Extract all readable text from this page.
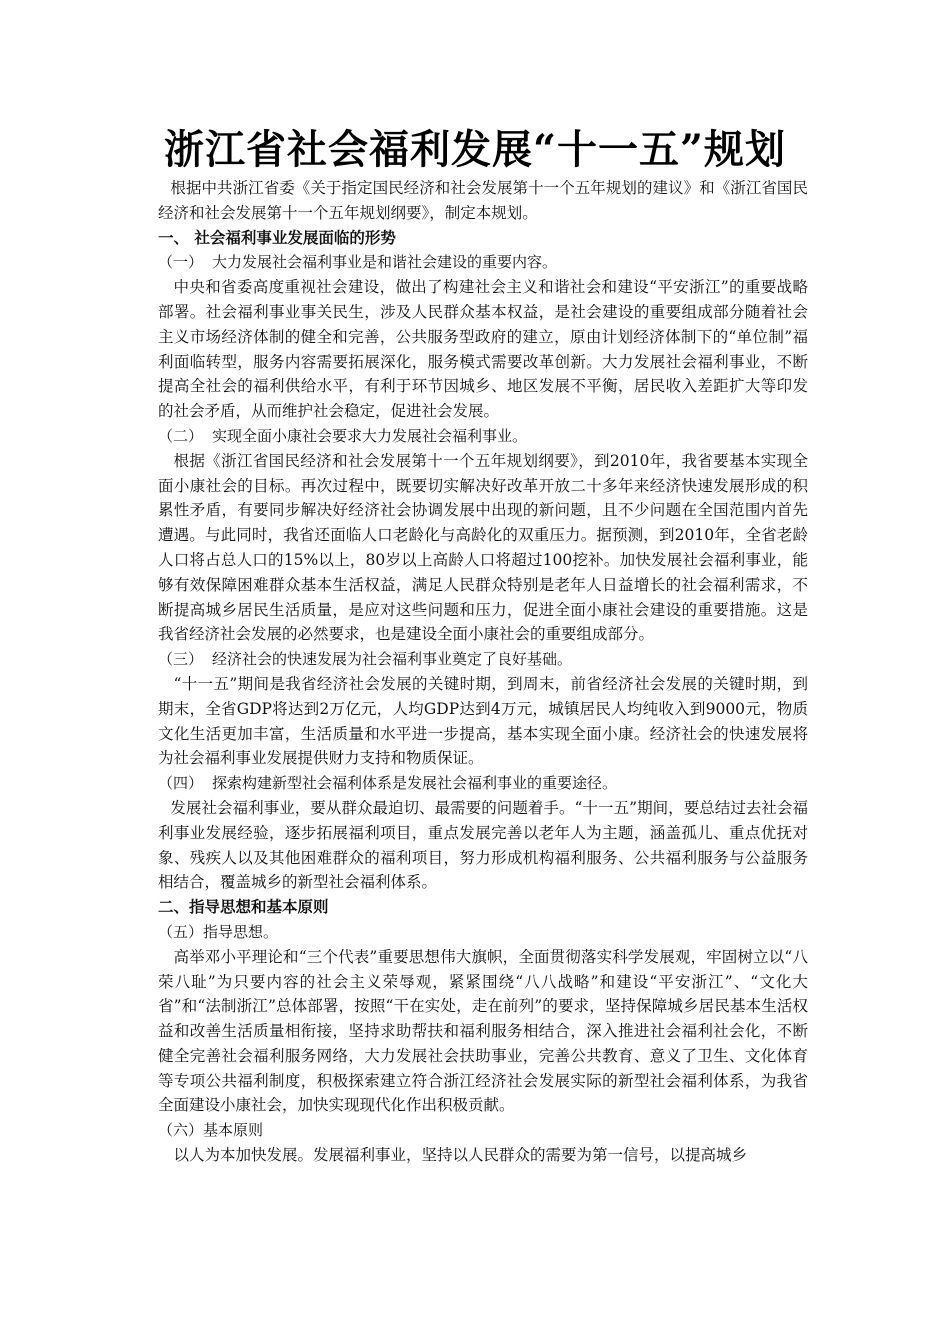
浙江省社会福利发展“十一五”规划

根据中共浙江省委《关于指定国民经济和社会发展第十一个五年规划的建议》和《浙江省国民经济和社会发展第十一个五年规划纲要》，制定本规划。

一、 社会福利事业发展面临的形势

（一） 大力发展社会福利事业是和谐社会建设的重要内容。

中央和省委高度重视社会建设，做出了构建社会主义和谐社会和建设“平安浙江”的重要战略部署。社会福利事业事关民生，涉及人民群众基本权益，是社会建设的重要组成部分随着社会主义市场经济体制的健全和完善，公共服务型政府的建立，原由计划经济体制下的“单位制”福利面临转型，服务内容需要拓展深化，服务模式需要改革创新。大力发展社会福利事业，不断提高全社会的福利供给水平，有利于环节因城乡、地区发展不平衡，居民收入差距扩大等印发的社会矛盾，从而维护社会稳定，促进社会发展。

（二） 实现全面小康社会要求大力发展社会福利事业。

根据《浙江省国民经济和社会发展第十一个五年规划纲要》，到2010年，我省要基本实现全面小康社会的目标。再次过程中，既要切实解决好改革开放二十多年来经济快速发展形成的积累性矛盾，有要同步解决好经济社会协调发展中出现的新问题，且不少问题在全国范围内首先遭遇。与此同时，我省还面临人口老龄化与高龄化的双重压力。据预测，到2010年，全省老龄人口将占总人口的15%以上，80岁以上高龄人口将超过100挖补。加快发展社会福利事业，能够有效保障困难群众基本生活权益，满足人民群众特别是老年人日益增长的社会福利需求，不断提高城乡居民生活质量，是应对这些问题和压力，促进全面小康社会建设的重要措施。这是我省经济社会发展的必然要求，也是建设全面小康社会的重要组成部分。

（三） 经济社会的快速发展为社会福利事业奠定了良好基础。

“十一五”期间是我省经济社会发展的关键时期，到周末，前省经济社会发展的关键时期，到期末，全省GDP将达到2万亿元，人均GDP达到4万元，城镇居民人均纯收入到9000元，物质文化生活更加丰富，生活质量和水平进一步提高，基本实现全面小康。经济社会的快速发展将为社会福利事业发展提供财力支持和物质保证。

（四） 探索构建新型社会福利体系是发展社会福利事业的重要途径。

发展社会福利事业，要从群众最迫切、最需要的问题着手。“十一五”期间，要总结过去社会福利事业发展经验，逐步拓展福利项目，重点发展完善以老年人为主题，涵盖孤儿、重点优抚对象、残疾人以及其他困难群众的福利项目，努力形成机构福利服务、公共福利服务与公益服务相结合，覆盖城乡的新型社会福利体系。

二、指导思想和基本原则

（五）指导思想。

高举邓小平理论和“三个代表”重要思想伟大旗帜，全面贯彻落实科学发展观，牢固树立以“八荣八耻”为只要内容的社会主义荣辱观，紧紧围绕“八八战略”和建设“平安浙江”、“文化大省”和“法制浙江”总体部署，按照“干在实处，走在前列”的要求，坚持保障城乡居民基本生活权益和改善生活质量相衔接，坚持求助帮扶和福利服务相结合，深入推进社会福利社会化，不断健全完善社会福利服务网络，大力发展社会扶助事业，完善公共教育、意义了卫生、文化体育等专项公共福利制度，积极探索建立符合浙江经济社会发展实际的新型社会福利体系，为我省全面建设小康社会，加快实现现代化作出积极贡献。

（六）基本原则

以人为本加快发展。发展福利事业，坚持以人民群众的需要为第一信号，以提高城乡
